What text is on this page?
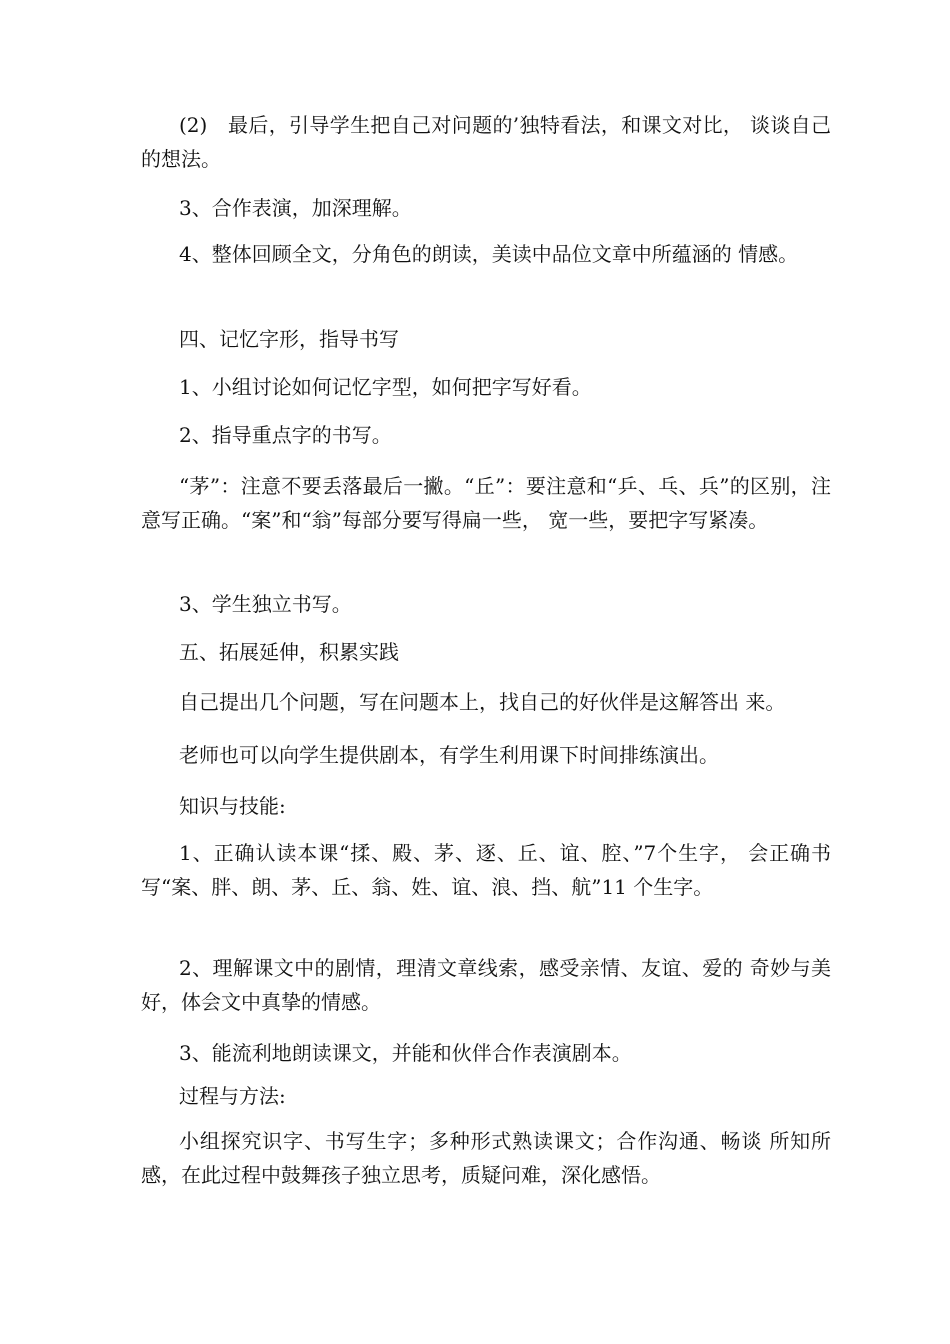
(2)　最后，引导学生把自己对问题的’独特看法，和课文对比， 谈谈自己的想法。

3、合作表演，加深理解。

4、整体回顾全文，分角色的朗读，美读中品位文章中所蕴涵的 情感。

四、记忆字形，指导书写

1、小组讨论如何记忆字型，如何把字写好看。

2、指导重点字的书写。

“茅”：注意不要丢落最后一撇。“丘”：要注意和“乒、乓、兵”的区别，注意写正确。“案”和“翁”每部分要写得扁一些， 宽一些，要把字写紧凑。

3、学生独立书写。

五、拓展延伸，积累实践

自己提出几个问题，写在问题本上，找自己的好伙伴是这解答出 来。

老师也可以向学生提供剧本，有学生利用课下时间排练演出。

知识与技能:

1、正确认读本课“揉、殿、茅、逐、丘、谊、腔、”7个生字， 会正确书写“案、胖、朗、茅、丘、翁、姓、谊、浪、挡、航”11 个生字。

2、理解课文中的剧情，理清文章线索，感受亲情、友谊、爱的 奇妙与美好，体会文中真挚的情感。

3、能流利地朗读课文，并能和伙伴合作表演剧本。

过程与方法:

小组探究识字、书写生字；多种形式熟读课文；合作沟通、畅谈 所知所感，在此过程中鼓舞孩子独立思考，质疑问难，深化感悟。
